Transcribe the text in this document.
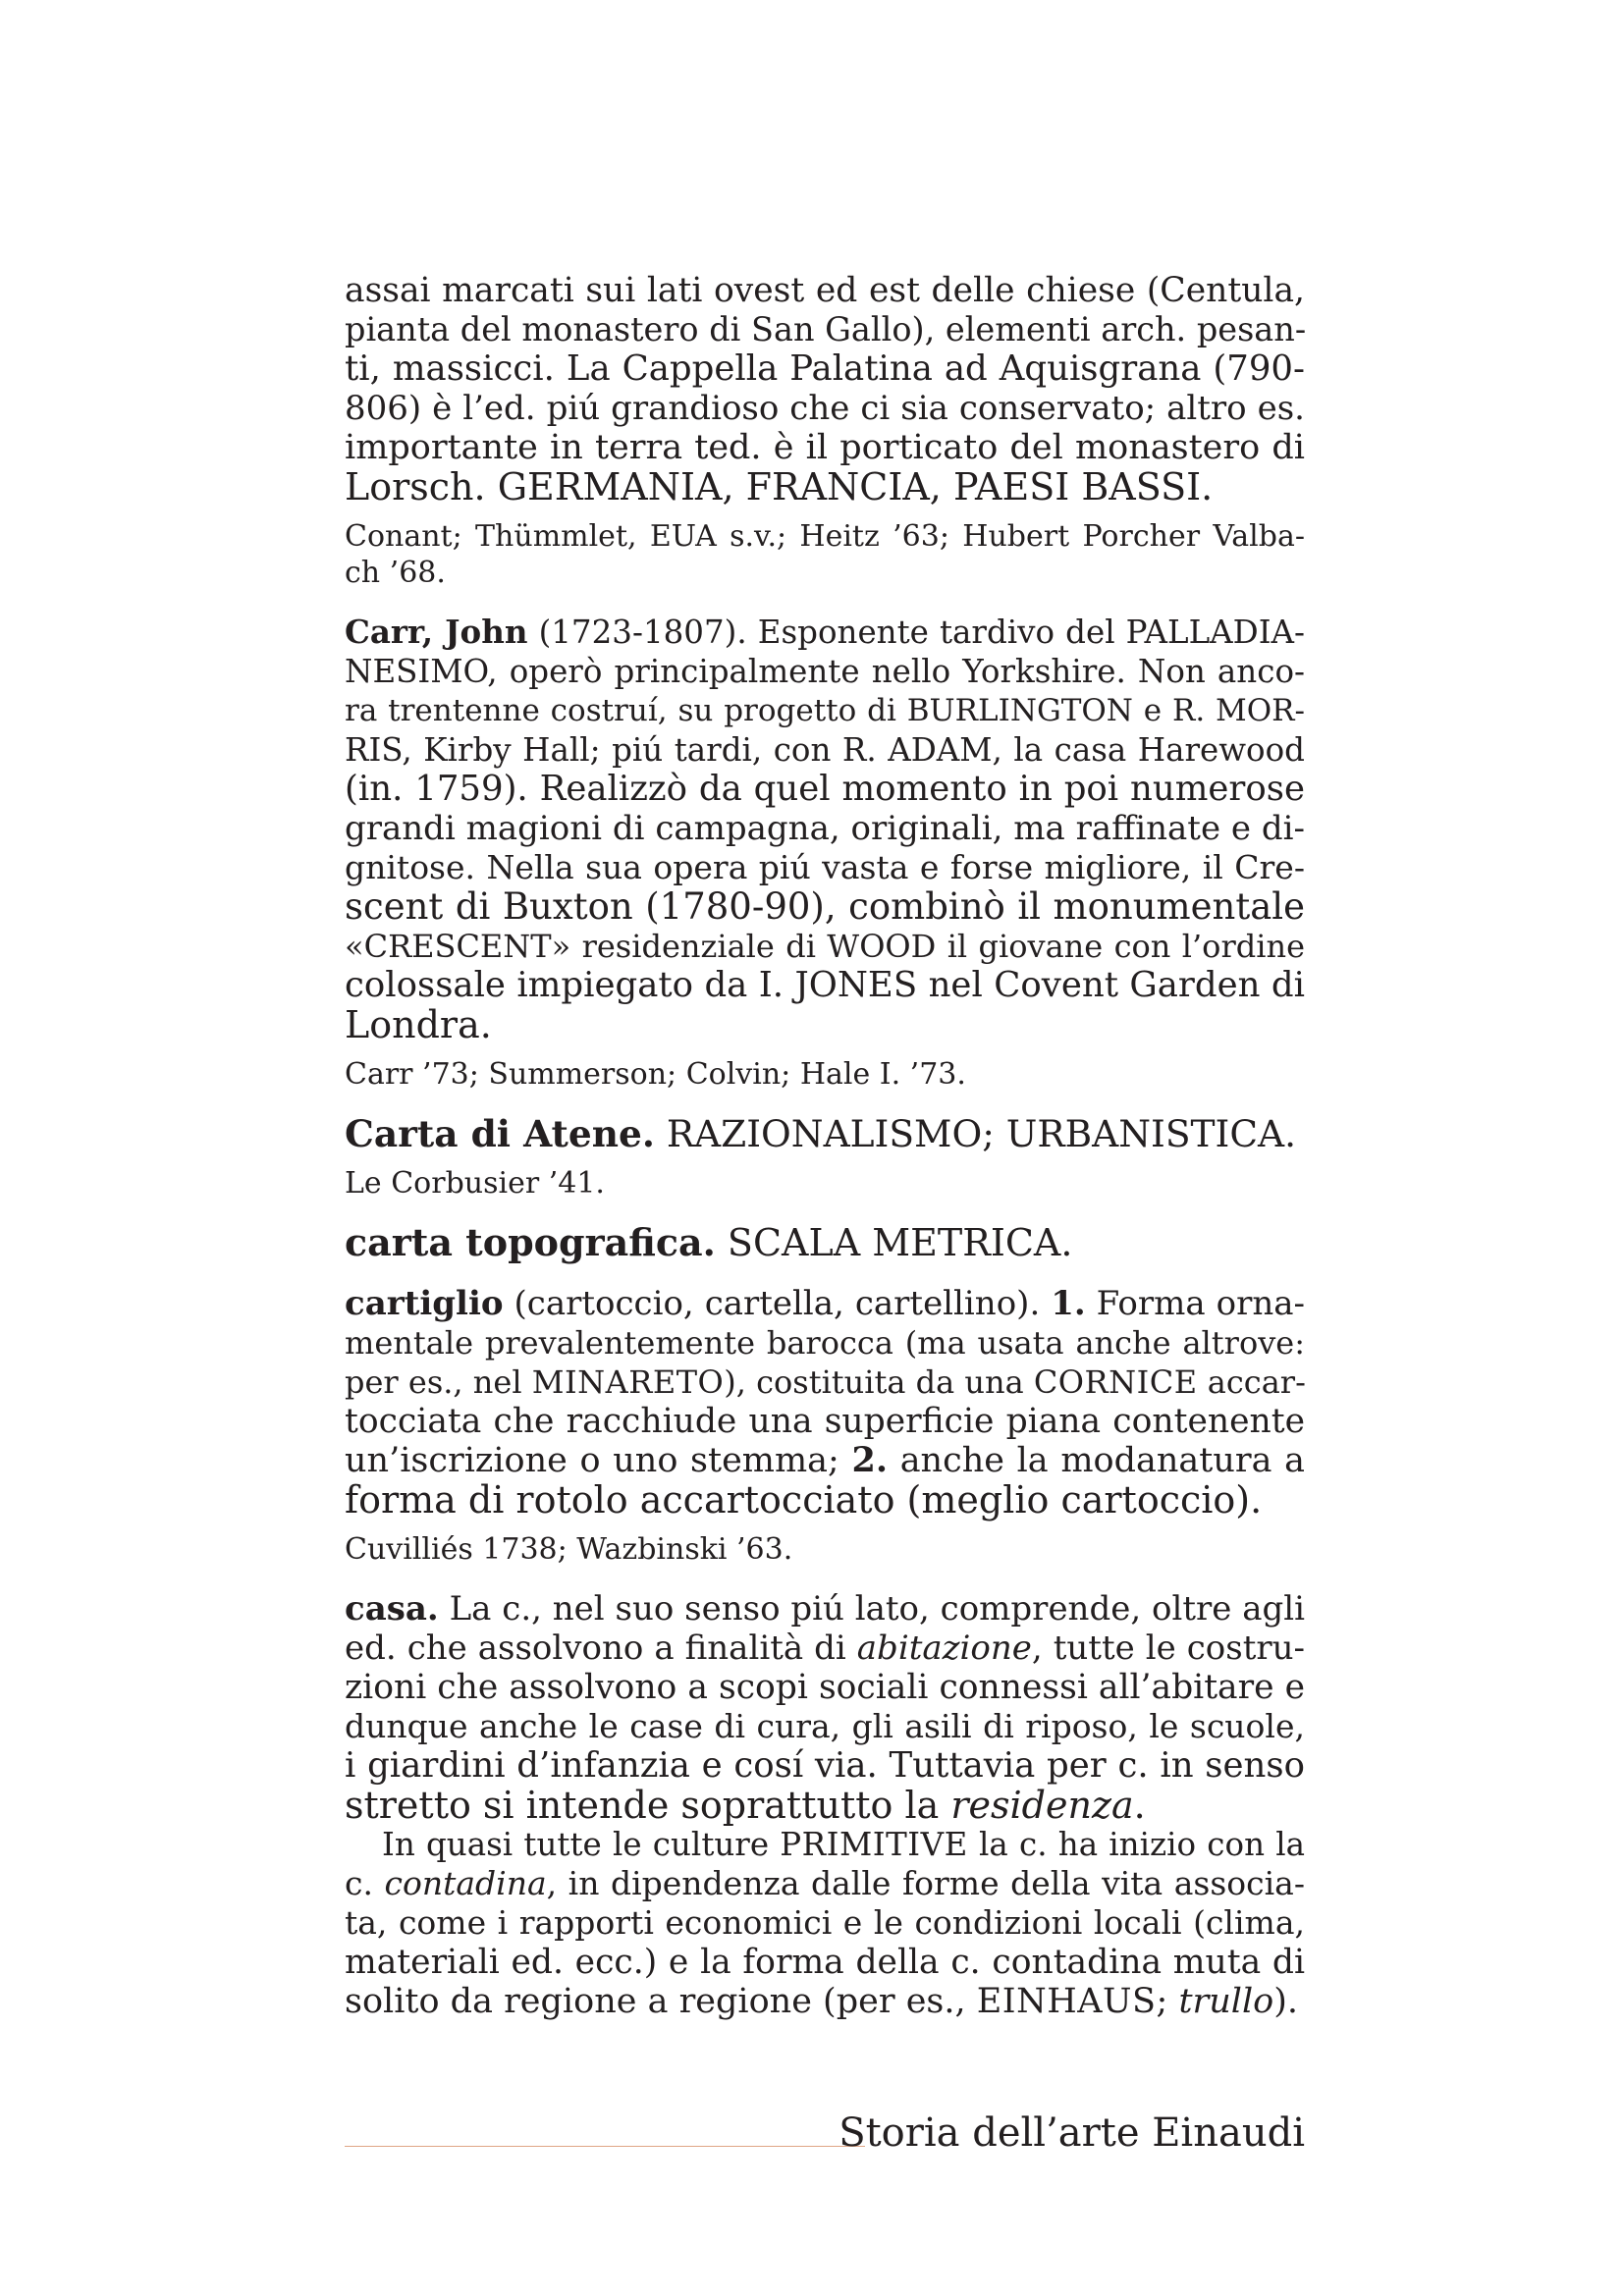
assai marcati sui lati ovest ed est delle chiese (Centula,
pianta del monastero di San Gallo), elementi arch. pesan-
ti, massicci. La Cappella Palatina ad Aquisgrana (790-
806) è l’ed. piú grandioso che ci sia conservato; altro es.
importante in terra ted. è il porticato del monastero di
Lorsch. GERMANIA, FRANCIA, PAESI BASSI.

Conant; Thümmlet, EUA s.v.; Heitz ’63; Hubert Porcher Valba-
ch ’68.

Carr, John (1723-1807). Esponente tardivo del PALLADIA-
NESIMO, operò principalmente nello Yorkshire. Non anco-
ra trentenne costruí, su progetto di BURLINGTON e R. MOR-
RIS, Kirby Hall; piú tardi, con R. ADAM, la casa Harewood
(in. 1759). Realizzò da quel momento in poi numerose
grandi magioni di campagna, originali, ma raffinate e di-
gnitose. Nella sua opera piú vasta e forse migliore, il Cre-
scent di Buxton (1780-90), combinò il monumentale
«CRESCENT» residenziale di WOOD il giovane con l’ordine
colossale impiegato da I. JONES nel Covent Garden di
Londra.

Carr ’73; Summerson; Colvin; Hale I. ’73.

Carta di Atene. RAZIONALISMO; URBANISTICA.

Le Corbusier ’41.

carta topografica. SCALA METRICA.

cartiglio (cartoccio, cartella, cartellino). 1. Forma orna-
mentale prevalentemente barocca (ma usata anche altrove:
per es., nel MINARETO), costituita da una CORNICE accar-
tocciata che racchiude una superficie piana contenente
un’iscrizione o uno stemma; 2. anche la modanatura a
forma di rotolo accartocciato (meglio cartoccio).

Cuvilliés 1738; Wazbinski ’63.

casa. La c., nel suo senso piú lato, comprende, oltre agli
ed. che assolvono a finalità di abitazione, tutte le costru-
zioni che assolvono a scopi sociali connessi all’abitare e
dunque anche le case di cura, gli asili di riposo, le scuole,
i giardini d’infanzia e cosí via. Tuttavia per c. in senso
stretto si intende soprattutto la residenza.
In quasi tutte le culture PRIMITIVE la c. ha inizio con la
c. contadina, in dipendenza dalle forme della vita associa-
ta, come i rapporti economici e le condizioni locali (clima,
materiali ed. ecc.) e la forma della c. contadina muta di
solito da regione a regione (per es., EINHAUS; trullo).

Storia dell’arte Einaudi
